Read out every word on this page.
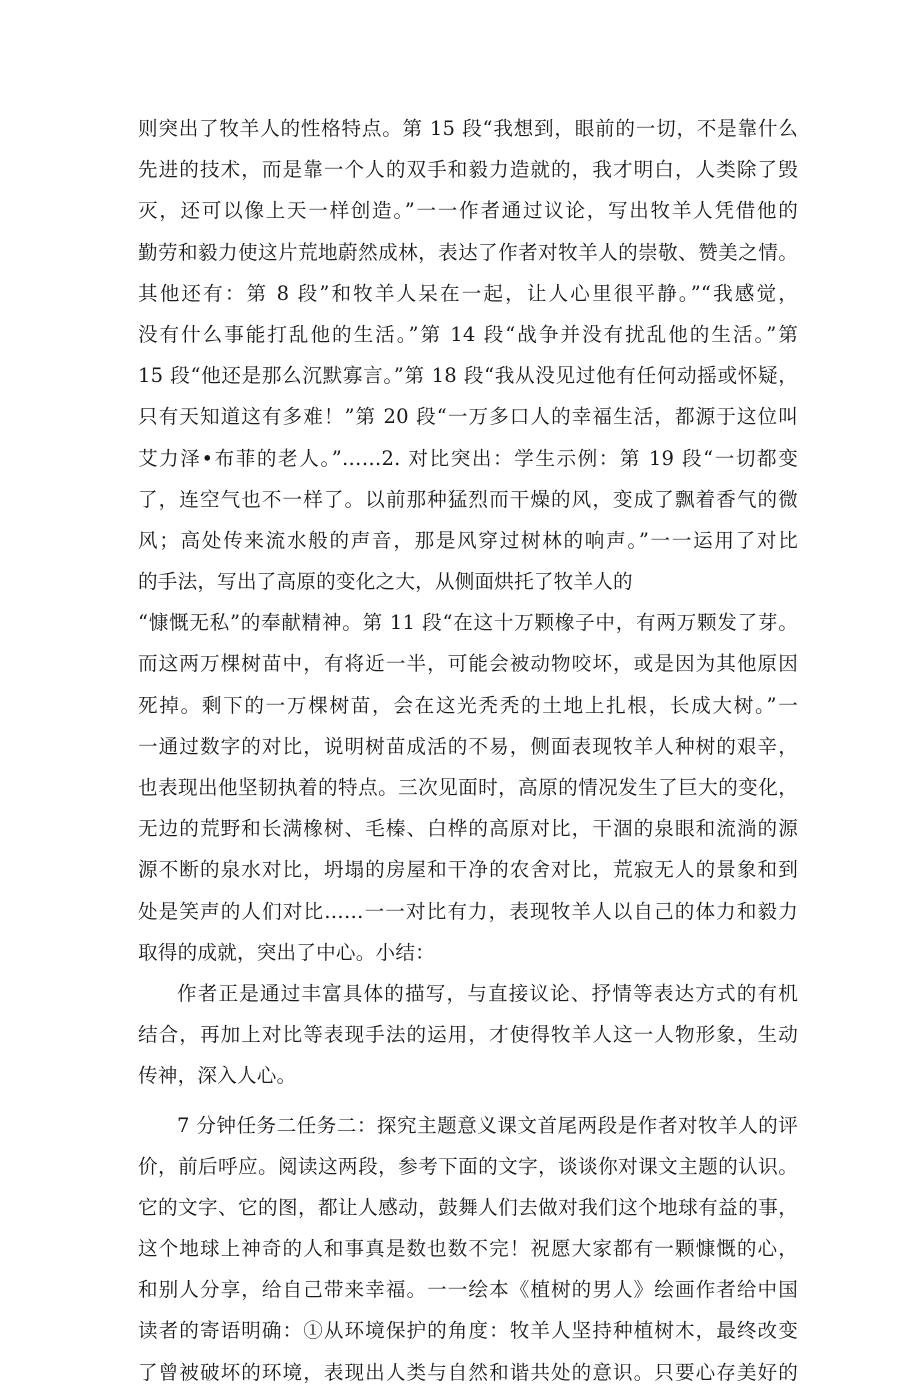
则突出了牧羊人的性格特点。第 15 段“我想到，眼前的一切，不是靠什么
先进的技术，而是靠一个人的双手和毅力造就的，我才明白，人类除了毁
灭，还可以像上天一样创造。”一一作者通过议论，写出牧羊人凭借他的
勤劳和毅力使这片荒地蔚然成林，表达了作者对牧羊人的崇敬、赞美之情。
其他还有：第 8 段”和牧羊人呆在一起，让人心里很平静。”“我感觉，
没有什么事能打乱他的生活。”第 14 段“战争并没有扰乱他的生活。”第
15 段“他还是那么沉默寡言。”第 18 段“我从没见过他有任何动摇或怀疑，
只有天知道这有多难！”第 20 段“一万多口人的幸福生活，都源于这位叫
艾力泽•布菲的老人。”……2. 对比突出：学生示例：第 19 段“一切都变
了，连空气也不一样了。以前那种猛烈而干燥的风，变成了飘着香气的微
风；高处传来流水般的声音，那是风穿过树林的响声。”一一运用了对比
的手法，写出了高原的变化之大，从侧面烘托了牧羊人的
“慷慨无私”的奉献精神。第 11 段“在这十万颗橡子中，有两万颗发了芽。
而这两万棵树苗中，有将近一半，可能会被动物咬坏，或是因为其他原因
死掉。剩下的一万棵树苗，会在这光秃秃的土地上扎根，长成大树。”一
一通过数字的对比，说明树苗成活的不易，侧面表现牧羊人种树的艰辛，
也表现出他坚韧执着的特点。三次见面时，高原的情况发生了巨大的变化，
无边的荒野和长满橡树、毛榛、白桦的高原对比，干涸的泉眼和流淌的源
源不断的泉水对比，坍塌的房屋和干净的农舍对比，荒寂无人的景象和到
处是笑声的人们对比……一一对比有力，表现牧羊人以自己的体力和毅力
取得的成就，突出了中心。小结：
作者正是通过丰富具体的描写，与直接议论、抒情等表达方式的有机
结合，再加上对比等表现手法的运用，才使得牧羊人这一人物形象，生动
传神，深入人心。
7 分钟任务二任务二：探究主题意义课文首尾两段是作者对牧羊人的评
价，前后呼应。阅读这两段，参考下面的文字，谈谈你对课文主题的认识。
它的文字、它的图，都让人感动，鼓舞人们去做对我们这个地球有益的事，
这个地球上神奇的人和事真是数也数不完！祝愿大家都有一颗慷慨的心，
和别人分享，给自己带来幸福。一一绘本《植树的男人》绘画作者给中国
读者的寄语明确：①从环境保护的角度：牧羊人坚持种植树木，最终改变
了曾被破坏的环境，表现出人类与自然和谐共处的意识。只要心存美好的
